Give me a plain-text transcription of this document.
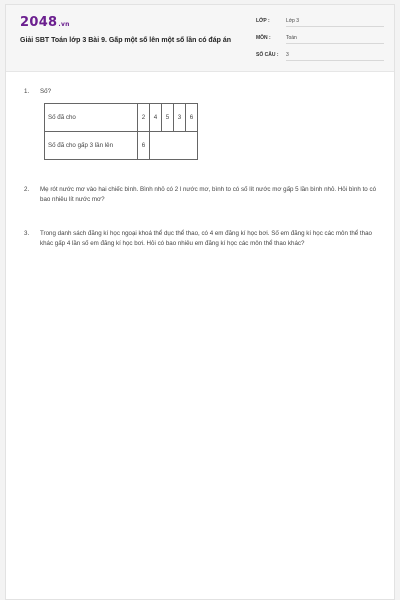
2048.vn
Giải SBT Toán lớp 3 Bài 9. Gấp một số lên một số lần có đáp án
LỚP :	Lớp 3
MÔN :	Toán
SỐ CÂU : 3
1. Số?
Số đã cho	2	4	5	3	6
Số đã cho gấp 3 lần lên	6				
2. Mẹ rót nước mơ vào hai chiếc bình. Bình nhỏ có 2 l nước mơ, bình to có số lít nước mơ gấp 5 lần bình nhỏ. Hỏi bình to có bao nhiêu lít nước mơ?
3. Trong danh sách đăng kí học ngoại khoá thể dục thể thao, có 4 em đăng kí học bơi. Số em đăng kí học các môn thể thao khác gấp 4 lần số em đăng kí học bơi. Hỏi có bao nhiêu em đăng kí học các môn thể thao khác?
